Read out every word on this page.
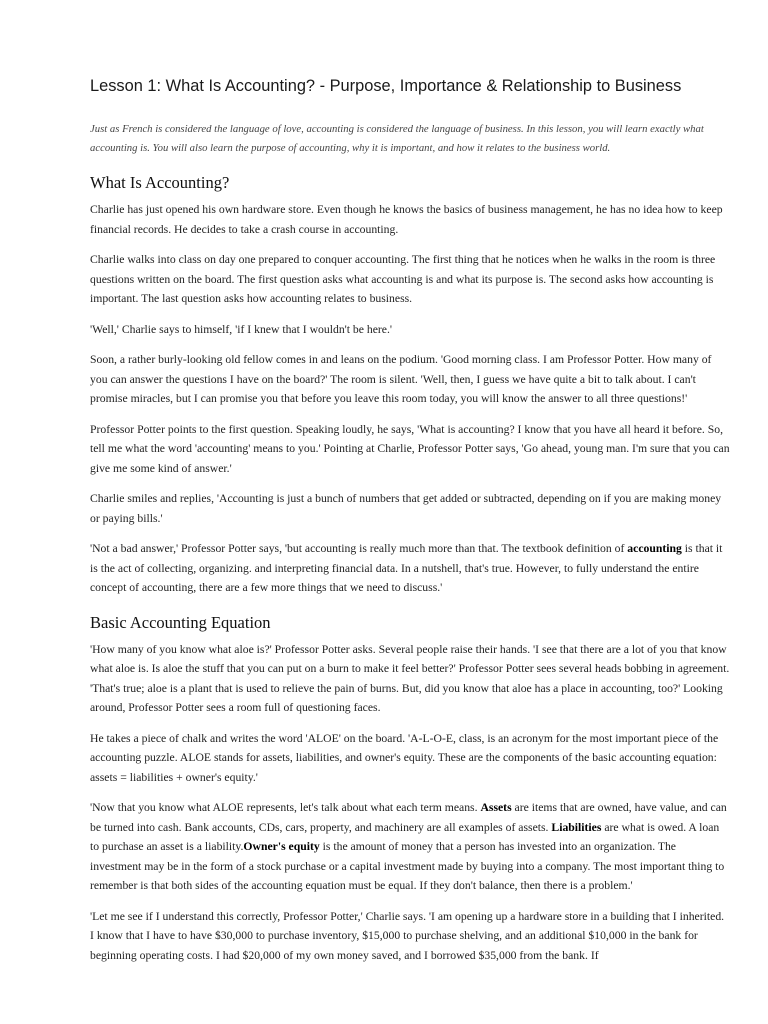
Lesson 1: What Is Accounting? - Purpose, Importance & Relationship to Business

Just as French is considered the language of love, accounting is considered the language of business. In this lesson, you will learn exactly what accounting is. You will also learn the purpose of accounting, why it is important, and how it relates to the business world.

What Is Accounting?

Charlie has just opened his own hardware store. Even though he knows the basics of business management, he has no idea how to keep financial records. He decides to take a crash course in accounting.

Charlie walks into class on day one prepared to conquer accounting. The first thing that he notices when he walks in the room is three questions written on the board. The first question asks what accounting is and what its purpose is. The second asks how accounting is important. The last question asks how accounting relates to business.

'Well,' Charlie says to himself, 'if I knew that I wouldn't be here.'

Soon, a rather burly-looking old fellow comes in and leans on the podium. 'Good morning class. I am Professor Potter. How many of you can answer the questions I have on the board?' The room is silent. 'Well, then, I guess we have quite a bit to talk about. I can't promise miracles, but I can promise you that before you leave this room today, you will know the answer to all three questions!'

Professor Potter points to the first question. Speaking loudly, he says, 'What is accounting? I know that you have all heard it before. So, tell me what the word 'accounting' means to you.' Pointing at Charlie, Professor Potter says, 'Go ahead, young man. I'm sure that you can give me some kind of answer.'

Charlie smiles and replies, 'Accounting is just a bunch of numbers that get added or subtracted, depending on if you are making money or paying bills.'

'Not a bad answer,' Professor Potter says, 'but accounting is really much more than that. The textbook definition of accounting is that it is the act of collecting, organizing. and interpreting financial data. In a nutshell, that's true. However, to fully understand the entire concept of accounting, there are a few more things that we need to discuss.'

Basic Accounting Equation

'How many of you know what aloe is?' Professor Potter asks. Several people raise their hands. 'I see that there are a lot of you that know what aloe is. Is aloe the stuff that you can put on a burn to make it feel better?' Professor Potter sees several heads bobbing in agreement. 'That's true; aloe is a plant that is used to relieve the pain of burns. But, did you know that aloe has a place in accounting, too?' Looking around, Professor Potter sees a room full of questioning faces.

He takes a piece of chalk and writes the word 'ALOE' on the board. 'A-L-O-E, class, is an acronym for the most important piece of the accounting puzzle. ALOE stands for assets, liabilities, and owner's equity. These are the components of the basic accounting equation: assets = liabilities + owner's equity.'

'Now that you know what ALOE represents, let's talk about what each term means. Assets are items that are owned, have value, and can be turned into cash. Bank accounts, CDs, cars, property, and machinery are all examples of assets. Liabilities are what is owed. A loan to purchase an asset is a liability.Owner's equity is the amount of money that a person has invested into an organization. The investment may be in the form of a stock purchase or a capital investment made by buying into a company. The most important thing to remember is that both sides of the accounting equation must be equal. If they don't balance, then there is a problem.'

'Let me see if I understand this correctly, Professor Potter,' Charlie says. 'I am opening up a hardware store in a building that I inherited. I know that I have to have $30,000 to purchase inventory, $15,000 to purchase shelving, and an additional $10,000 in the bank for beginning operating costs. I had $20,000 of my own money saved, and I borrowed $35,000 from the bank. If
